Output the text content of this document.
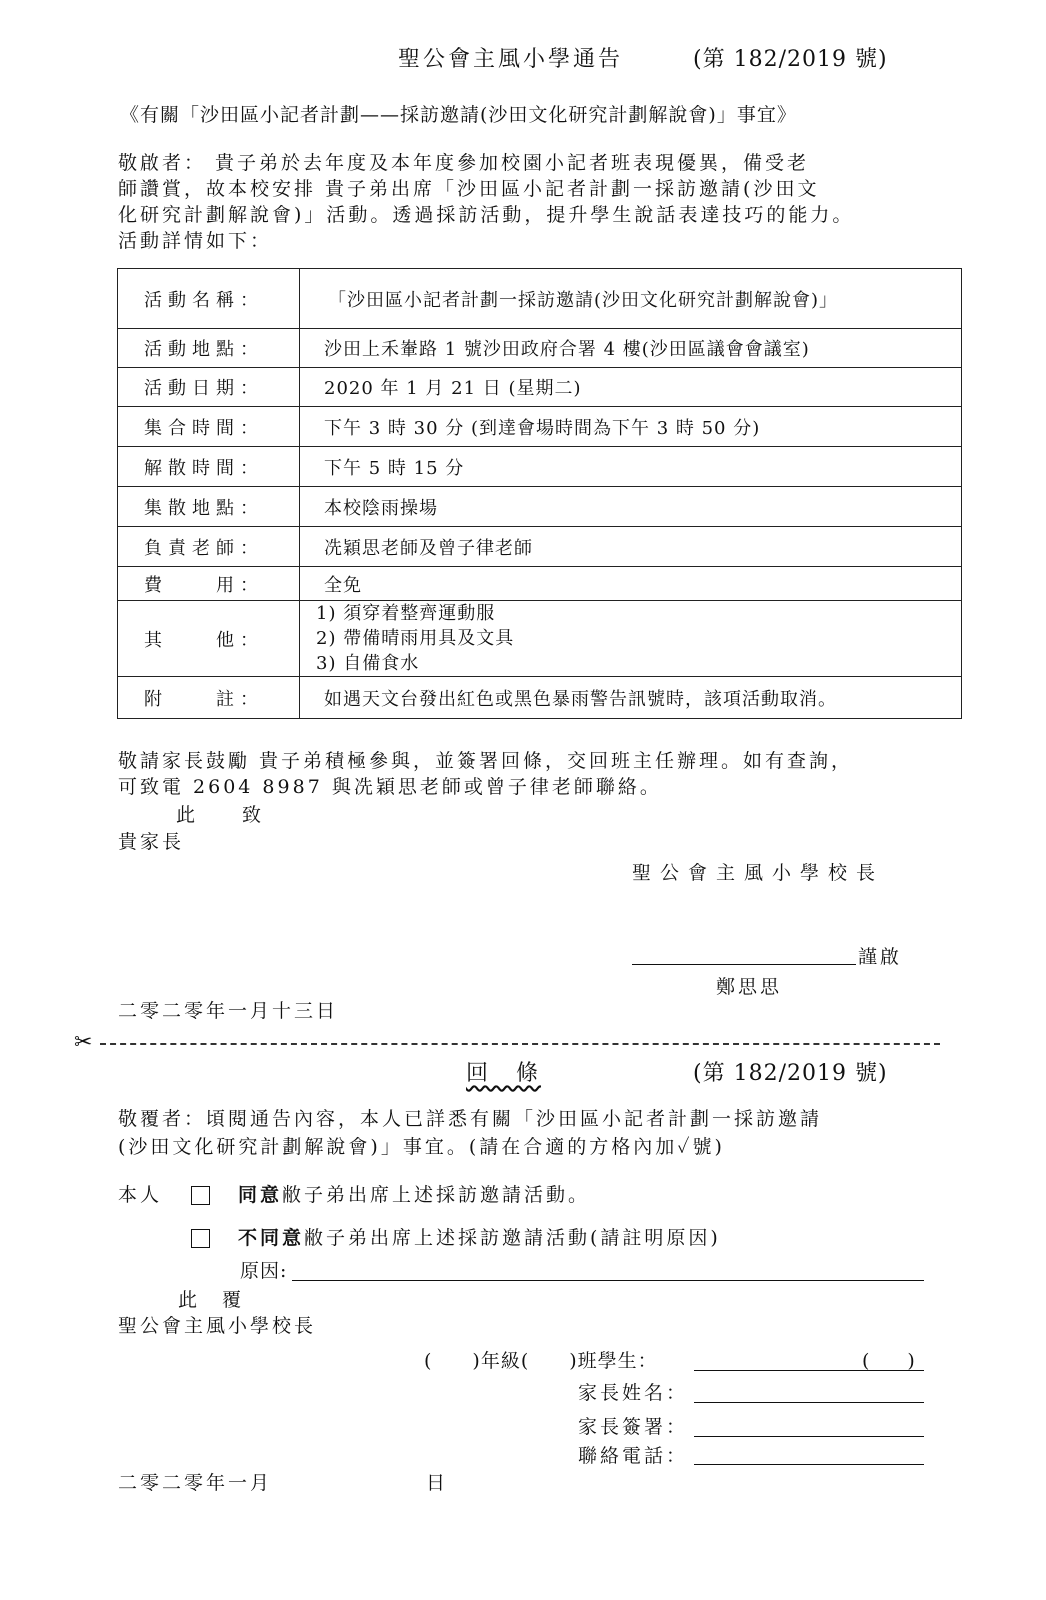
聖公會主風小學通告	(第 182/2019 號)
《有關「沙田區小記者計劃——採訪邀請(沙田文化研究計劃解說會)」事宜》
敬啟者： 貴子弟於去年度及本年度參加校園小記者班表現優異，備受老
師讚賞，故本校安排 貴子弟出席「沙田區小記者計劃一採訪邀請(沙田文
化研究計劃解說會)」活動。透過採訪活動，提升學生說話表達技巧的能力。
活動詳情如下：
活動名稱：	「沙田區小記者計劃一採訪邀請(沙田文化研究計劃解說會)」
活動地點：	沙田上禾輋路 1 號沙田政府合署 4 樓(沙田區議會會議室)
活動日期：	2020 年 1 月 21 日 (星期二)
集合時間：	下午 3 時 30 分 (到達會場時間為下午 3 時 50 分)
解散時間：	下午 5 時 15 分
集散地點：	本校陰雨操場
負責老師：	冼穎思老師及曾子律老師
費　　用：	全免
其　　他：	1) 須穿着整齊運動服
2) 帶備晴雨用具及文具
3) 自備食水

附　　註：	如遇天文台發出紅色或黑色暴雨警告訊號時，該項活動取消。
敬請家長鼓勵 貴子弟積極參與，並簽署回條，交回班主任辦理。如有查詢，
可致電 2604 8987 與冼穎思老師或曾子律老師聯絡。
此　　致
貴家長
聖公會主風小學校長
謹啟
鄭思思
二零二零年一月十三日
✂
回　條	(第 182/2019 號)
敬覆者：頃閱通告內容，本人已詳悉有關「沙田區小記者計劃一採訪邀請
(沙田文化研究計劃解說會)」事宜。(請在合適的方格內加✓號)
本人	同意敝子弟出席上述採訪邀請活動。
不同意敝子弟出席上述採訪邀請活動(請註明原因)
原因:
此　覆
聖公會主風小學校長
(　　)年級(　　)班學生：	(　　)
家長姓名：
家長簽署：
聯絡電話：
二零二零年一月	日
